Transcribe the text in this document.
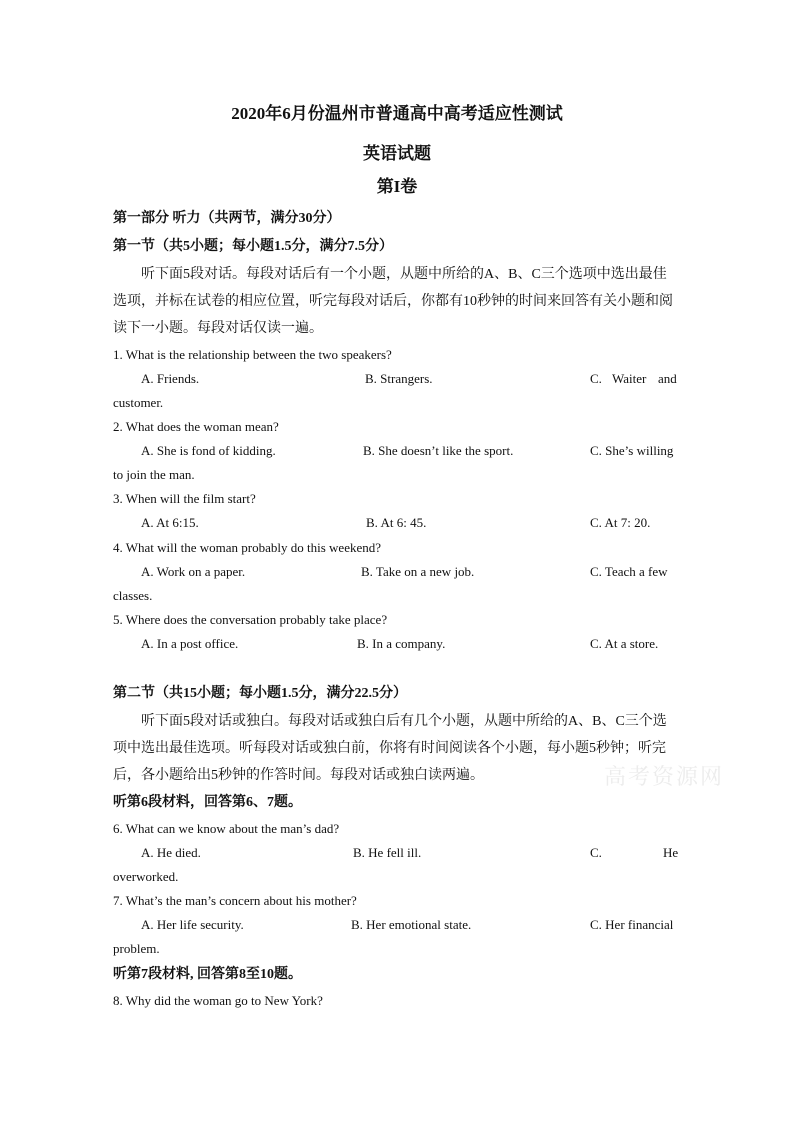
2020年6月份温州市普通高中高考适应性测试
英语试题
第I卷
第一部分 听力（共两节，满分30分）
第一节（共5小题；每小题1.5分，满分7.5分）
听下面5段对话。每段对话后有一个小题，从题中所给的A、B、C三个选项中选出最佳
选项，并标在试卷的相应位置，听完每段对话后，你都有10秒钟的时间来回答有关小题和阅
读下一小题。每段对话仅读一遍。
1. What is the relationship between the two speakers?
A. Friends.	B. Strangers.	C. Waiter and
customer.
2. What does the woman mean?
A. She is fond of kidding.	B. She doesn’t like the sport.	C. She’s willing
to join the man.
3. When will the film start?
A. At 6:15.	B. At 6: 45.	C. At 7: 20.
4. What will the woman probably do this weekend?
A. Work on a paper.	B. Take on a new job.	C. Teach a few
classes.
5. Where does the conversation probably take place?
A. In a post office.	B. In a company.	C. At a store.
第二节（共15小题；每小题1.5分，满分22.5分）
听下面5段对话或独白。每段对话或独白后有几个小题，从题中所给的A、B、C三个选
项中选出最佳选项。听每段对话或独白前，你将有时间阅读各个小题，每小题5秒钟；听完
后，各小题给出5秒钟的作答时间。每段对话或独白读两遍。	高考资源网
听第6段材料，回答第6、7题。
6. What can we know about the man’s dad?
A. He died.	B. He fell ill.	C.	He
overworked.
7. What’s the man’s concern about his mother?
A. Her life security.	B. Her emotional state.	C. Her financial
problem.
听第7段材料, 回答第8至10题。
8. Why did the woman go to New York?
